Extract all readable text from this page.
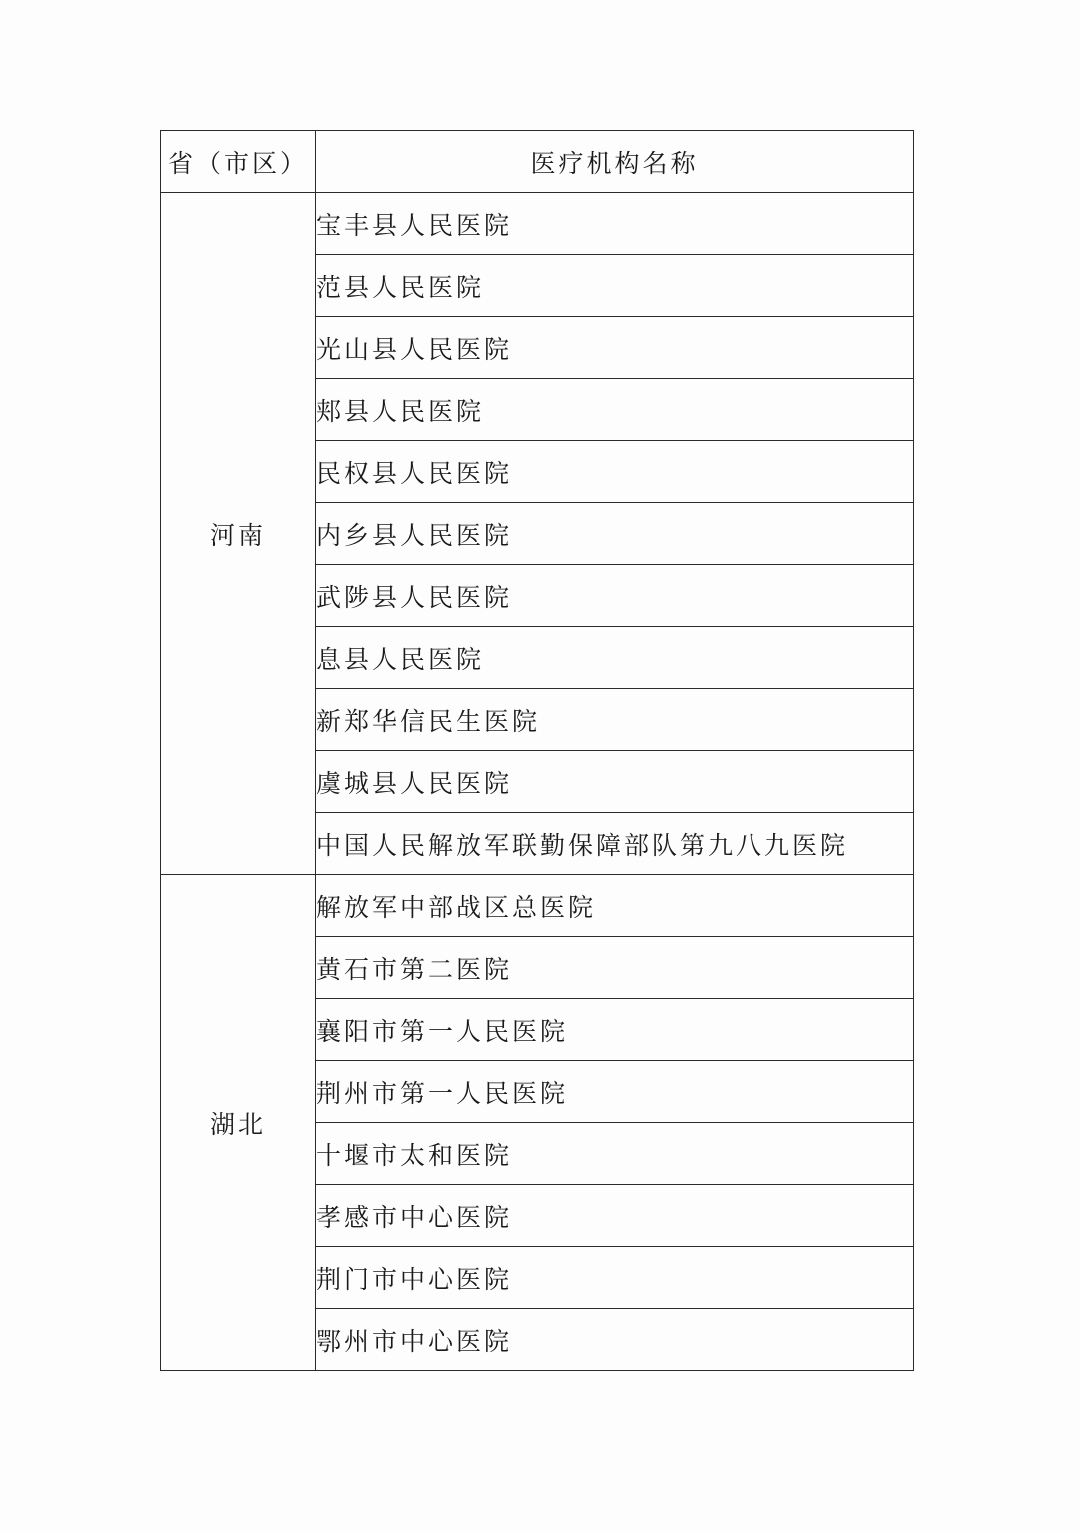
省（市区）	医疗机构名称
河南	宝丰县人民医院
	范县人民医院
	光山县人民医院
	郏县人民医院
	民权县人民医院
	内乡县人民医院
	武陟县人民医院
	息县人民医院
	新郑华信民生医院
	虞城县人民医院
	中国人民解放军联勤保障部队第九八九医院
湖北	解放军中部战区总医院
	黄石市第二医院
	襄阳市第一人民医院
	荆州市第一人民医院
	十堰市太和医院
	孝感市中心医院
	荆门市中心医院
	鄂州市中心医院
